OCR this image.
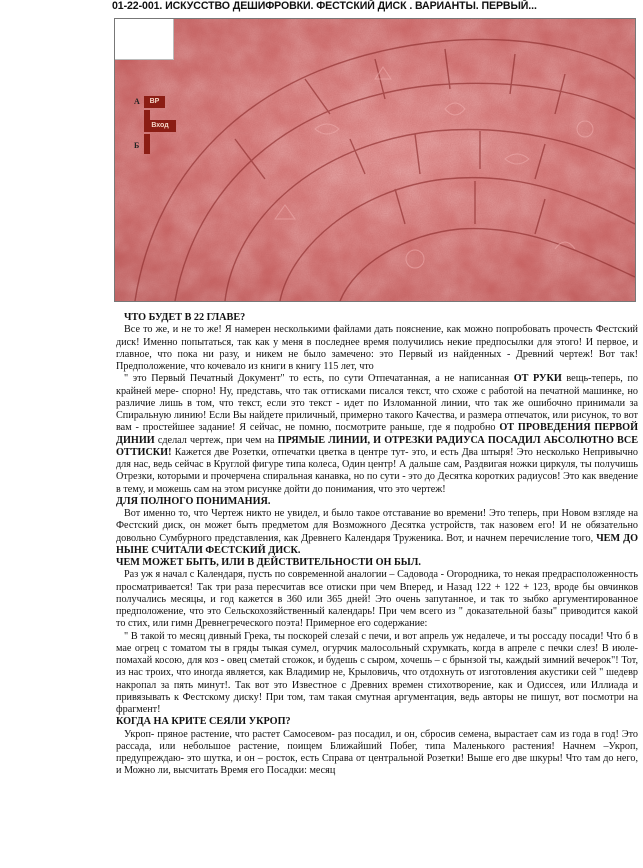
01-22-001. ИСКУССТВО ДЕШИФРОВКИ. ФЕСТСКИЙ ДИСК . ВАРИАНТЫ. ПЕРВЫЙ...
А	ВР
Вход
Б
ЧТО БУДЕТ В 22 ГЛАВЕ?

Все то же, и не то же! Я намерен несколькими файлами дать пояснение, как можно попробовать прочесть Фестский диск! Именно попытаться, так как у меня в последнее время получились некие предпосылки для этого! И первое, и главное, что пока ни разу, и никем не было замечено: это Первый из найденных - Древний чертеж! Вот так! Предположение, что кочевало из книги в книгу 115 лет, что

" это Первый Печатный Документ" то есть, по сути Отпечатанная, а не написанная ОТ РУКИ вещь-теперь, по крайней мере- спорно! Ну, представь, что так оттисками писался текст, что схоже с работой на печатной машинке, но различие лишь в том, что текст, если это текст - идет по Изломанной линии, что так же ошибочно принимали за Спиральную линию! Если Вы найдете приличный, примерно такого Качества, и размера отпечаток, или рисунок, то вот вам - простейшее задание! Я сейчас, не помню, посмотрите раньше, где я подробно ОТ ПРОВЕДЕНИЯ ПЕРВОЙ ДИНИИ сделал чертеж, при чем на ПРЯМЫЕ ЛИНИИ, И ОТРЕЗКИ РАДИУСА ПОСАДИЛ АБСОЛЮТНО ВСЕ ОТТИСКИ! Кажется две Розетки, отпечатки цветка в центре тут- это, и есть Два штыря! Это несколько Непривычно для нас, ведь сейчас в Круглой фигуре типа колеса, Один центр! А дальше сам, Раздвигая ножки циркуля, ты получишь Отрезки, которыми и прочерчена спиральная канавка, но по сути - это до Десятка коротких радиусов! Это как введение в тему, и можешь сам на этом рисунке дойти до понимания, что это чертеж!

ДЛЯ ПОЛНОГО ПОНИМАНИЯ.

Вот именно то, что Чертеж никто не увидел, и было такое отставание во времени! Это теперь, при Новом взгляде на Фестский диск, он может быть предметом для Возможного Десятка устройств, так назовем его! И не обязательно довольно Сумбурного представления, как Древнего Календаря Труженика. Вот, и начнем перечисление того, ЧЕМ ДО НЫНЕ СЧИТАЛИ ФЕСТСКИЙ ДИСК.

ЧЕМ МОЖЕТ БЫТЬ, ИЛИ В ДЕЙСТВИТЕЛЬНОСТИ ОН БЫЛ.

Раз уж я начал с Календаря, пусть по современной аналогии – Садовода - Огородника, то некая предрасположенность просматривается! Так три раза пересчитав все отиски при чем Вперед, и Назад 122 + 122 + 123, вроде бы овчинков получались месяцы, и год кажется в 360 или 365 дней! Это очень запутанное, и так то зыбко аргументированное предположение, что это Сельскохозяйственный календарь! При чем всего из " доказательной базы" приводится какой то стих, или гимн Древнегреческого поэта! Примерное его содержание:

" В такой то месяц дивный Грека, ты поскорей слезай с печи, и вот апрель уж недалече, и ты россаду посади! Что б в мае огрец с томатом ты в гряды тыкая сумел, огурчик малосольный схрумкать, когда в апреле с печки слез! В июле- помахай косою, для коз - овец сметай стожок, и будешь с сыром, хочешь – с брынзой ты, каждый зимний вечерок"! Тот, из нас троих, что иногда является, как Владимир не, Крыловичь, что отдохнуть от изготовления акустики сей " шедевр накропал за пять минут!. Так вот это Известное с Древних времен стихотворение, как и Одиссея, или Иллиада и привязывать к Фестскому диску! При том, там такая смутная аргументация, ведь авторы не пишут, вот посмотри на фрагмент!

КОГДА НА КРИТЕ СЕЯЛИ УКРОП?

Укроп- пряное растение, что растет Самосевом- раз посадил, и он, сбросив семена, вырастает сам из года в год! Это рассада, или небольшое растение, поищем Ближайший Побег, типа Маленького растения! Начнем –Укроп, предупреждаю- это шутка, и он – росток, есть Справа от центральной Розетки! Выше его две шкуры! Что там до него, и Можно ли, высчитать Время его Посадки: месяц
